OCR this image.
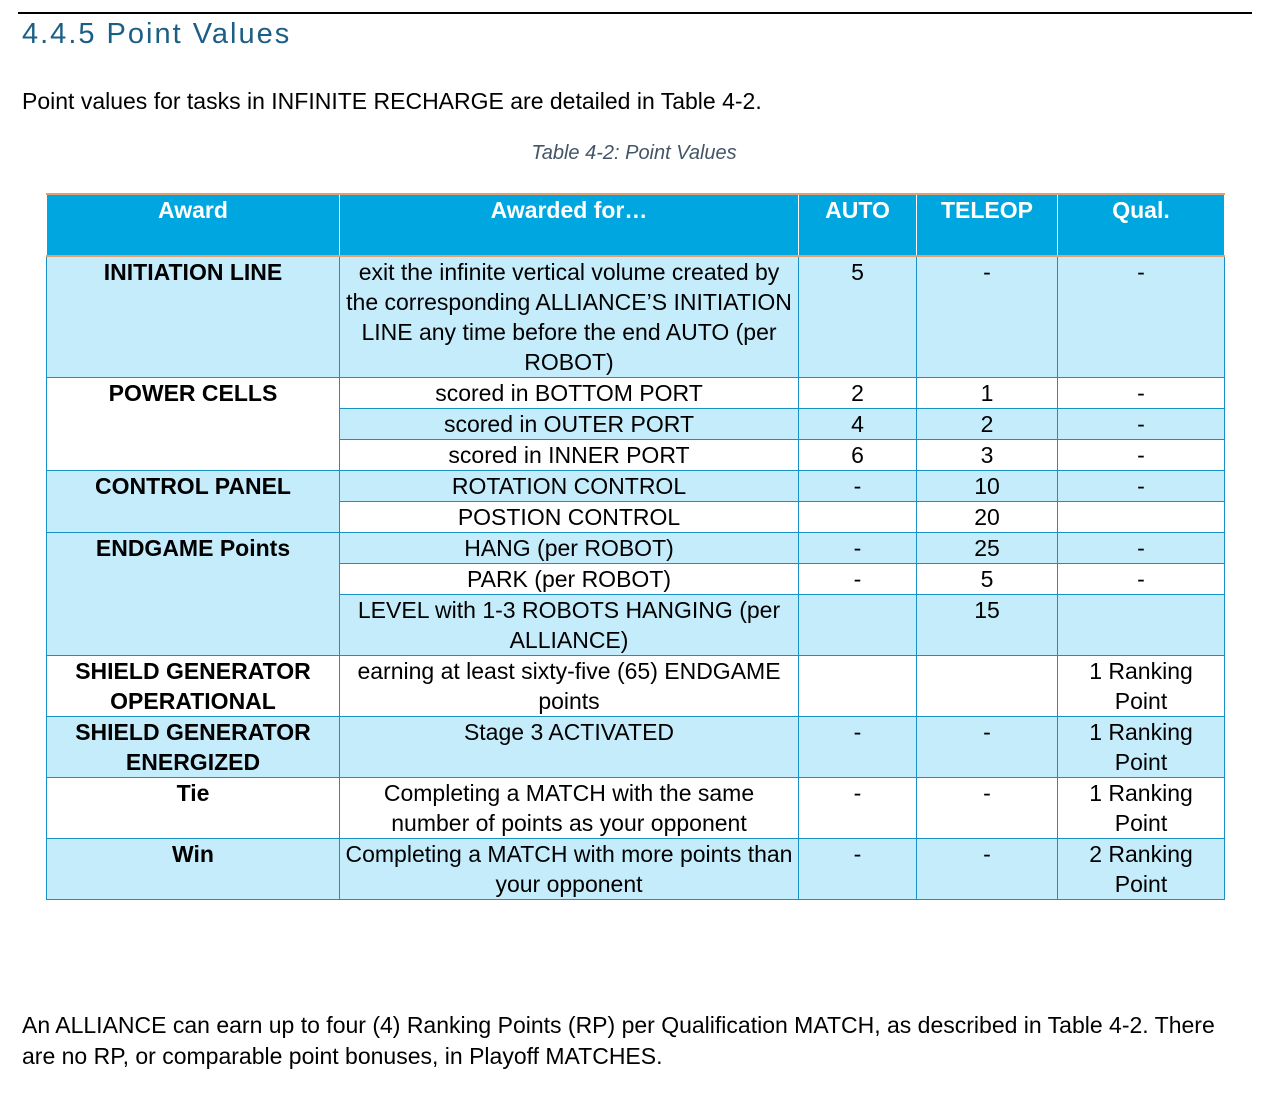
4.4.5 Point Values

Point values for tasks in INFINITE RECHARGE are detailed in Table 4-2.

Table 4-2: Point Values

Award	Awarded for…	AUTO	TELEOP	Qual.
INITIATION LINE	exit the infinite vertical volume created by the corresponding ALLIANCE’S INITIATION LINE any time before the end AUTO (per ROBOT)	5	-	-
POWER CELLS	scored in BOTTOM PORT	2	1	-
	scored in OUTER PORT	4	2	-
	scored in INNER PORT	6	3	-
CONTROL PANEL	ROTATION CONTROL	-	10	-
	POSTION CONTROL		20	
ENDGAME Points	HANG (per ROBOT)	-	25	-
	PARK (per ROBOT)	-	5	-
	LEVEL with 1-3 ROBOTS HANGING (per ALLIANCE)		15	
SHIELD GENERATOR OPERATIONAL	earning at least sixty-five (65) ENDGAME points			1 Ranking Point
SHIELD GENERATOR ENERGIZED	Stage 3 ACTIVATED	-	-	1 Ranking Point
Tie	Completing a MATCH with the same number of points as your opponent	-	-	1 Ranking Point
Win	Completing a MATCH with more points than your opponent	-	-	2 Ranking Point

An ALLIANCE can earn up to four (4) Ranking Points (RP) per Qualification MATCH, as described in Table 4-2. There are no RP, or comparable point bonuses, in Playoff MATCHES.
